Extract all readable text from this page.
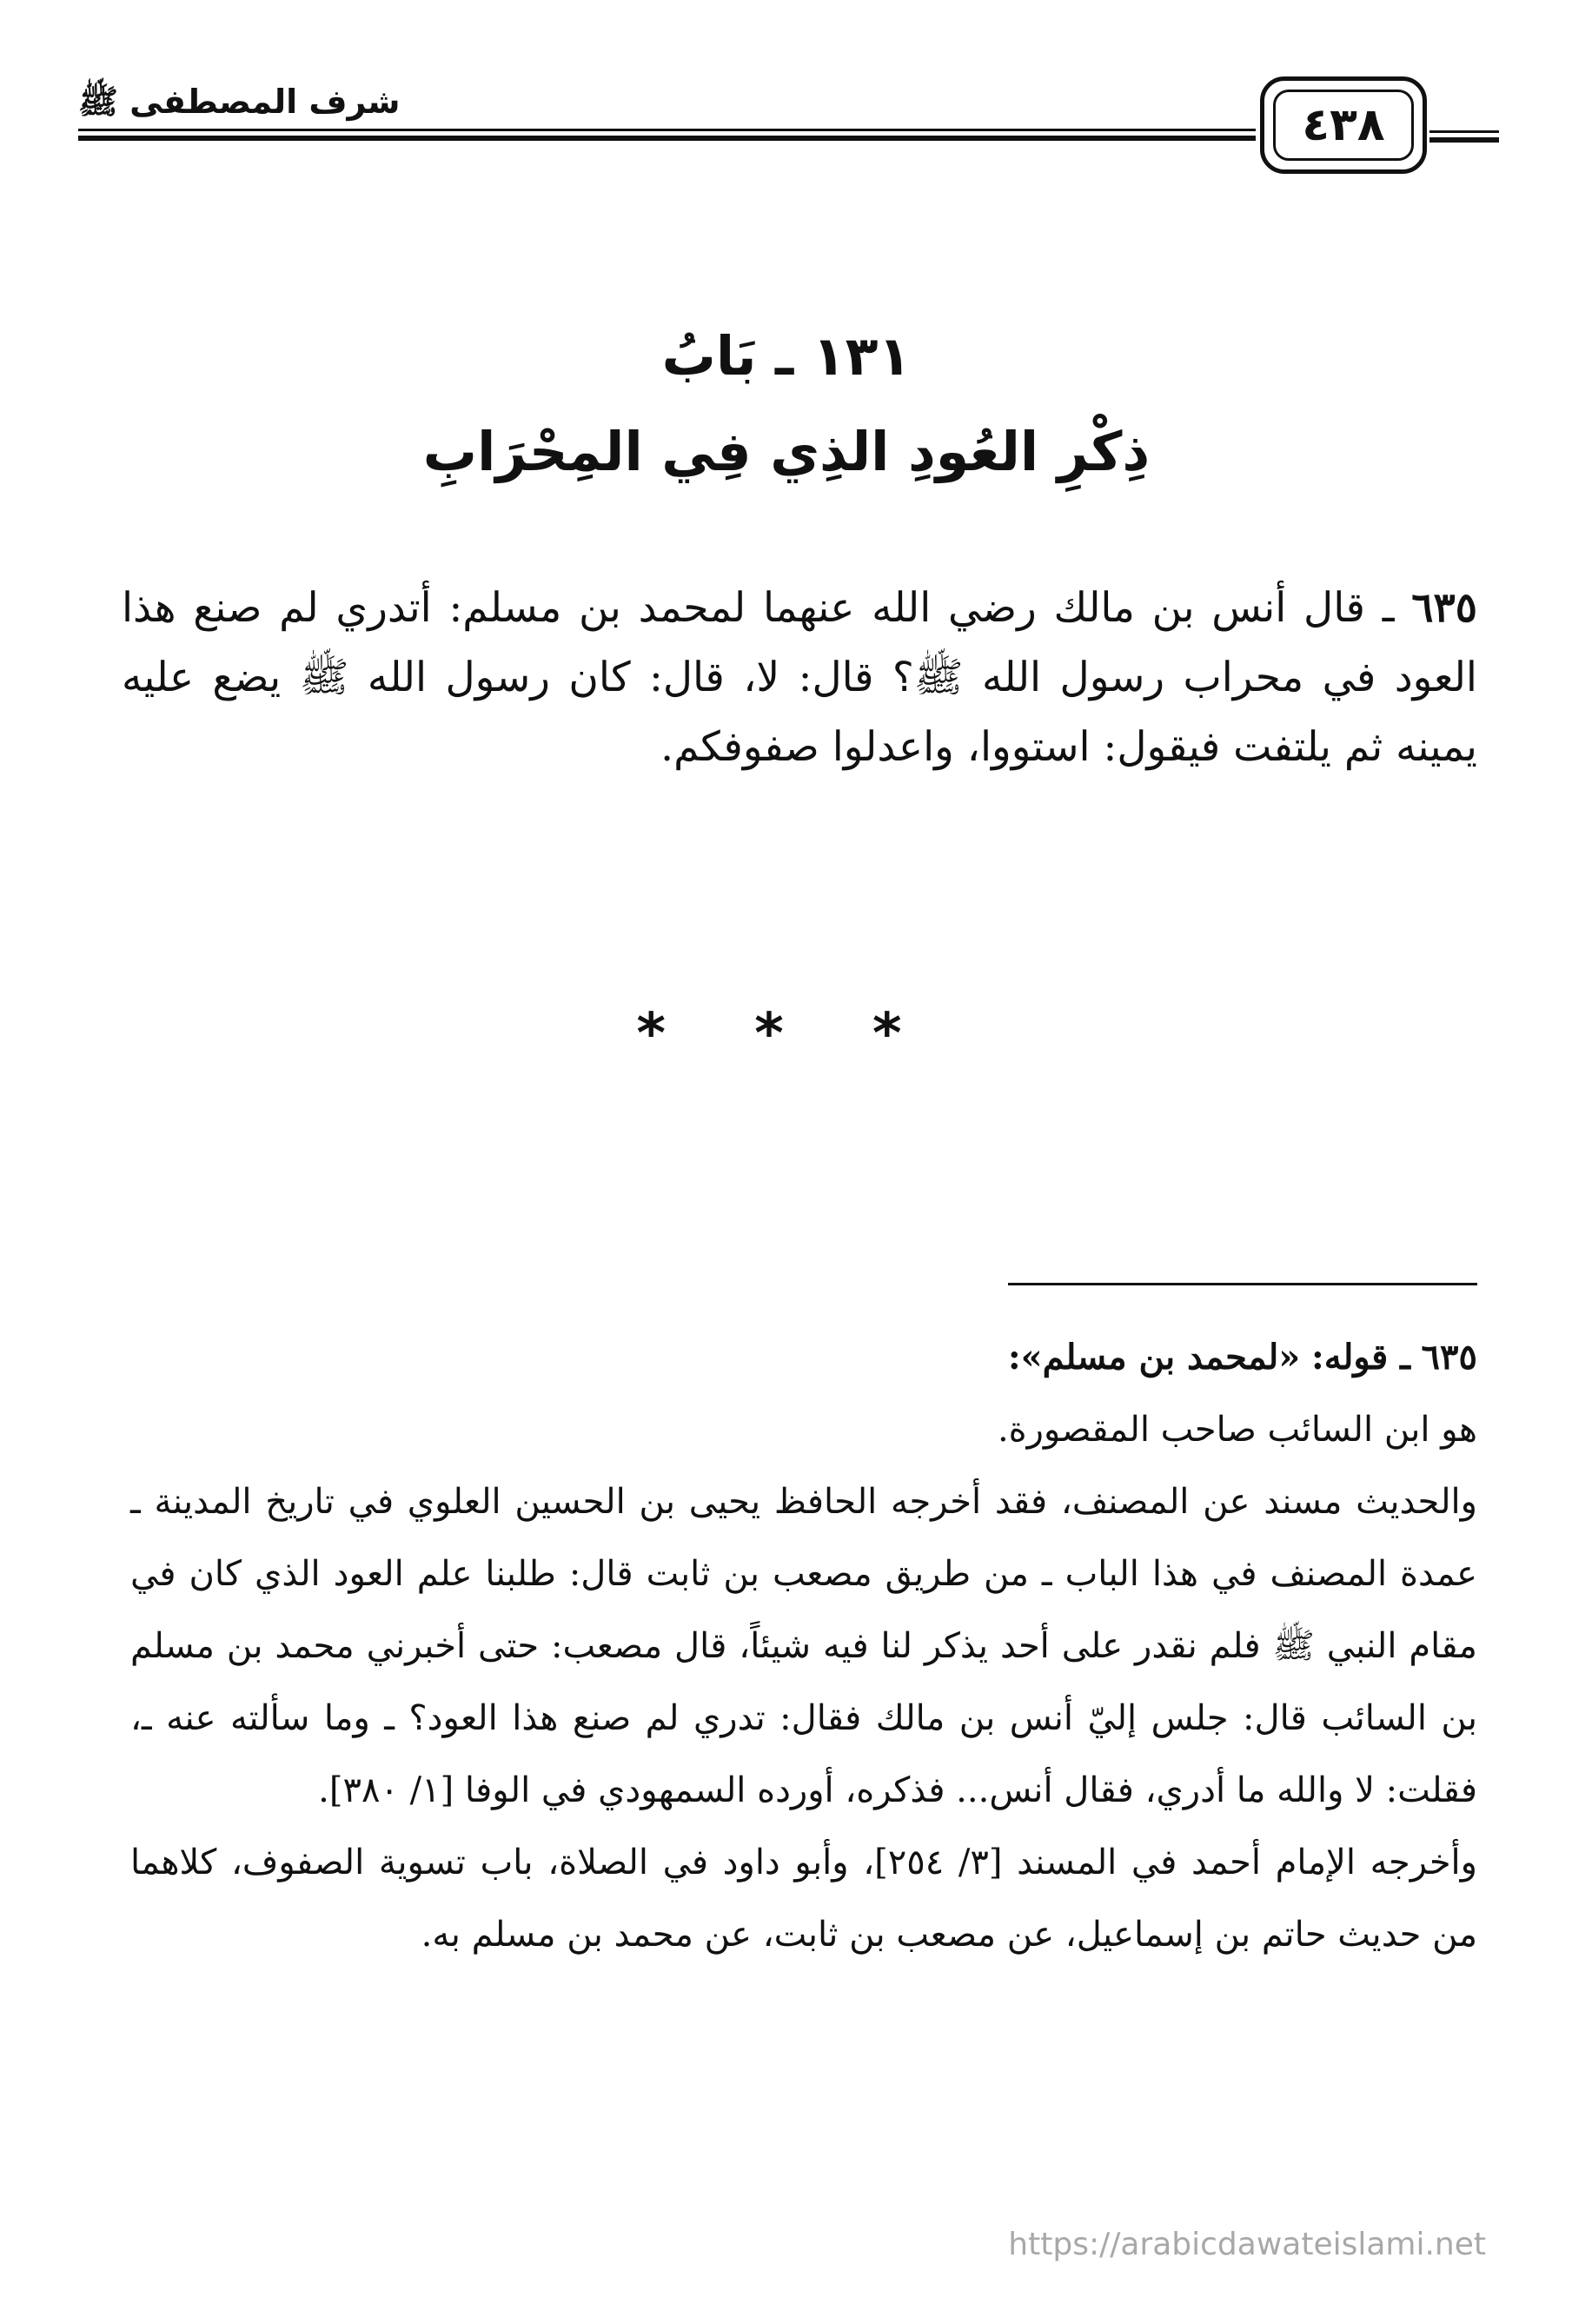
شرف المصطفى ﷺ	٤٣٨
١٣١ ـ بَابُ
ذِكْرِ العُودِ الذِي فِي المِحْرَابِ
٦٣٥ ـ قال أنس بن مالك رضي الله عنهما لمحمد بن مسلم: أتدري لم صنع هذا العود في محراب رسول الله ﷺ؟ قال: لا، قال: كان رسول الله ﷺ يضع عليه يمينه ثم يلتفت فيقول: استووا، واعدلوا صفوفكم.
* * *

٦٣٥ ـ قوله: «لمحمد بن مسلم»:

هو ابن السائب صاحب المقصورة.

والحديث مسند عن المصنف، فقد أخرجه الحافظ يحيى بن الحسين العلوي في تاريخ المدينة ـ عمدة المصنف في هذا الباب ـ من طريق مصعب بن ثابت قال: طلبنا علم العود الذي كان في مقام النبي ﷺ فلم نقدر على أحد يذكر لنا فيه شيئاً، قال مصعب: حتى أخبرني محمد بن مسلم بن السائب قال: جلس إليّ أنس بن مالك فقال: تدري لم صنع هذا العود؟ ـ وما سألته عنه ـ، فقلت: لا والله ما أدري، فقال أنس... فذكره، أورده السمهودي في الوفا [١/ ٣٨٠].

وأخرجه الإمام أحمد في المسند [٣/ ٢٥٤]، وأبو داود في الصلاة، باب تسوية الصفوف، كلاهما من حديث حاتم بن إسماعيل، عن مصعب بن ثابت، عن محمد بن مسلم به.

https://arabicdawateislami.net
